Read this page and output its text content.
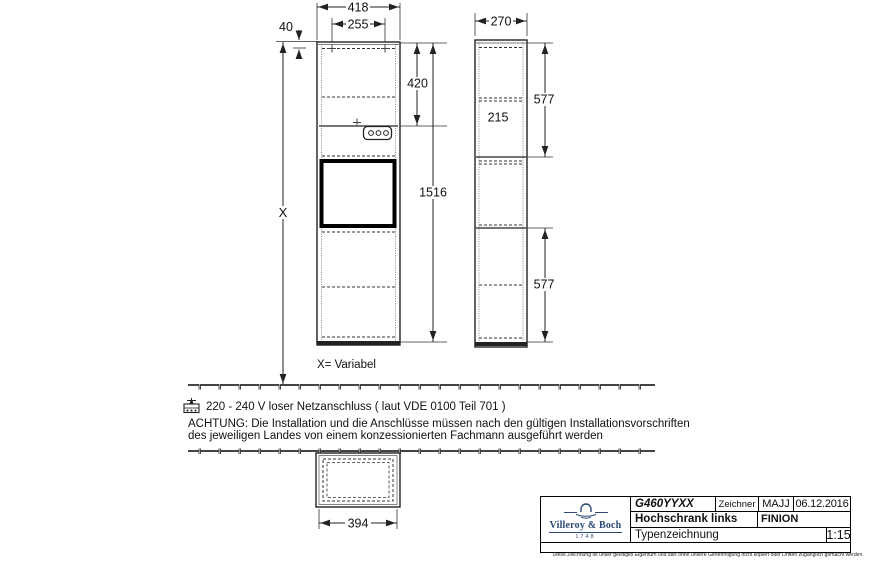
418
255
40
X
420
1516
270
215
577
577
394
X= Variabel
220 - 240 V loser Netzanschluss ( laut VDE 0100 Teil 701 )
ACHTUNG: Die Installation und die Anschlüsse müssen nach den gültigen Installationsvorschriften
des jeweiligen Landes von einem konzessionierten Fachmann ausgeführt werden
Villeroy & Boch
1748
G460YYXX	Zeichner MAJJ 06.12.2016
Hochschrank links	FINION
Typenzeichnung	1:15
Diese Zeichnung ist unser geistiges Eigentum und darf ohne unsere Genehmigung nicht kopiert oder Dritten zugänglich gemacht werden.
